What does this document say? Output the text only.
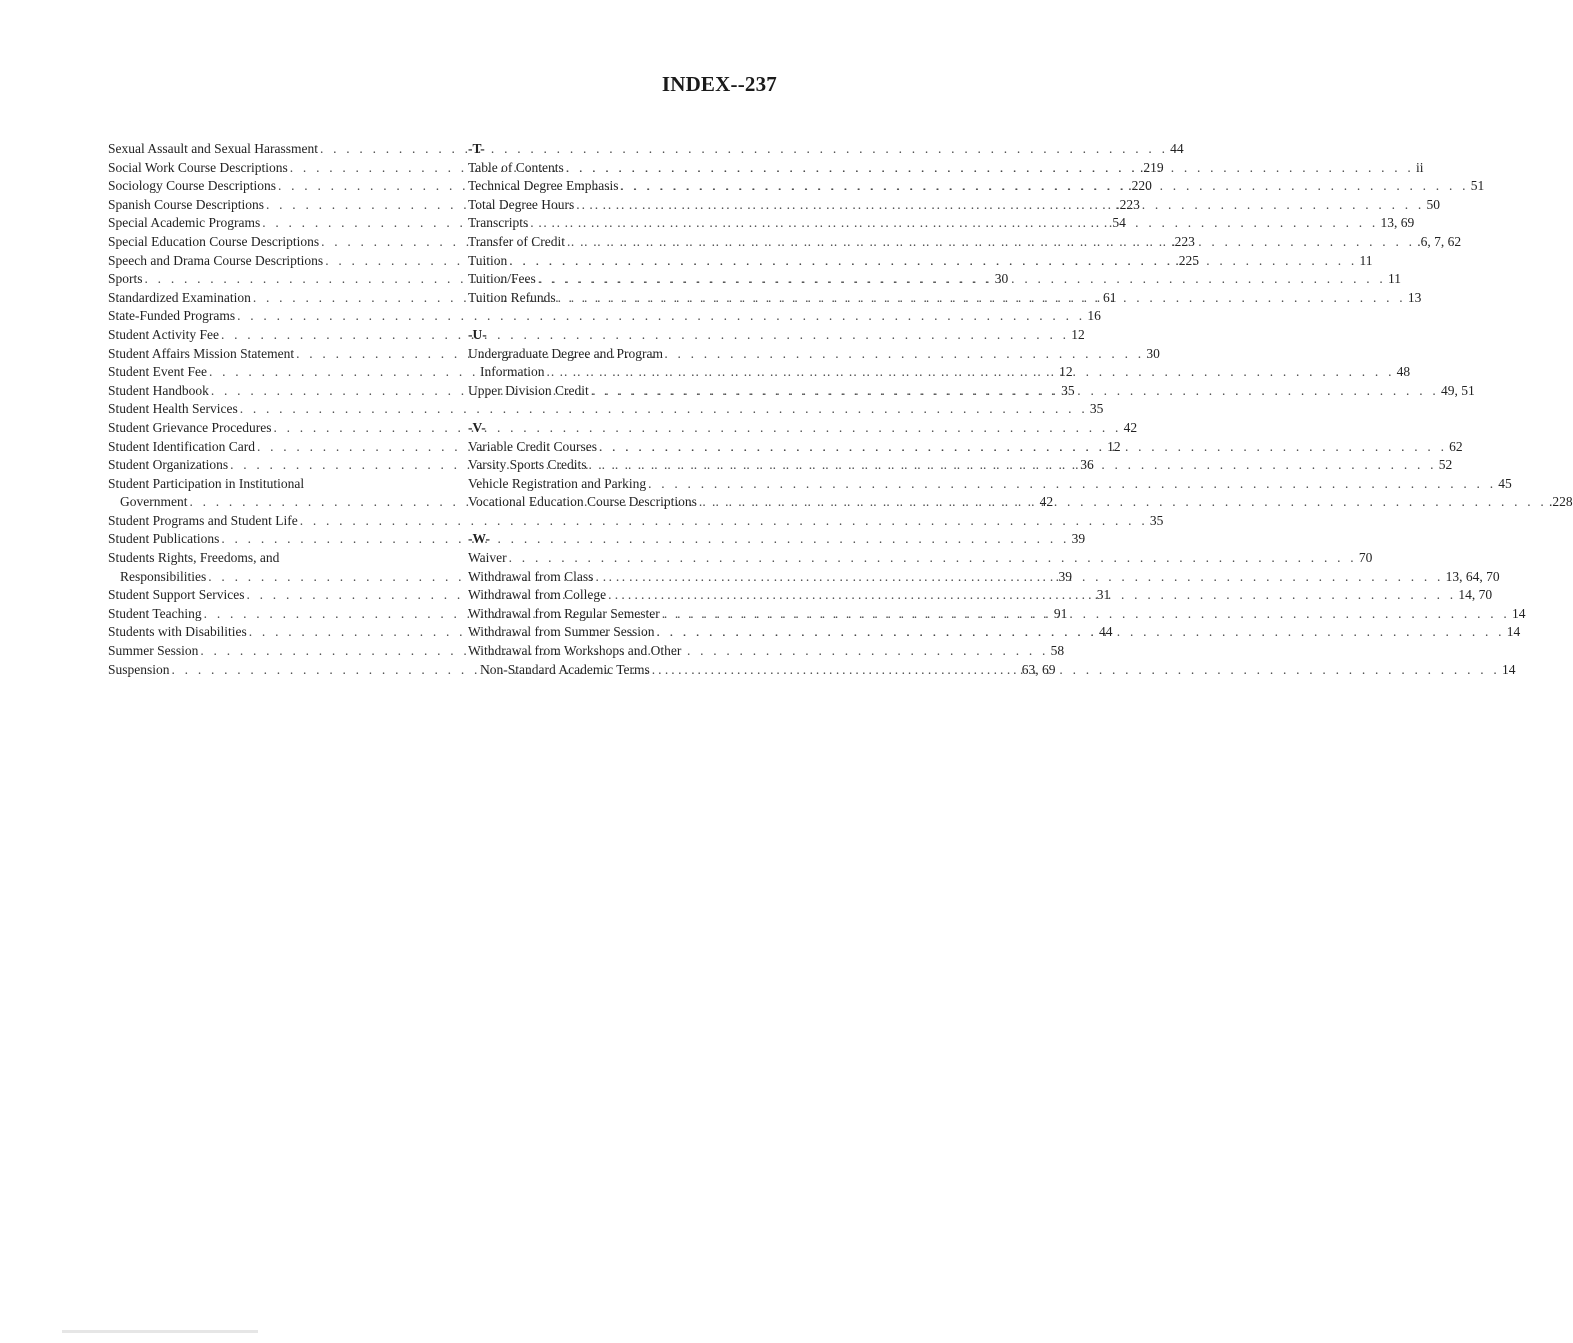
INDEX--237
Sexual Assault and Sexual Harassment . . .	44
Social Work Course Descriptions . . .	.219
Sociology Course Descriptions . . .	.220
Spanish Course Descriptions . . .	.223
Special Academic Programs . . .	54
Special Education Course Descriptions . . .	.223
Speech and Drama Course Descriptions . . .	.225
Sports . . .	30
Standardized Examination . . .	61
State-Funded Programs . . .	16
Student Activity Fee . . .	12
Student Affairs Mission Statement . . .	30
Student Event Fee . . .	12
Student Handbook . . .	35
Student Health Services . . .	35
Student Grievance Procedures . . .	42
Student Identification Card . . .	12
Student Organizations . . .	36
Student Participation in Institutional
Government . . .	42
Student Programs and Student Life . . .	35
Student Publications . . .	39
Students Rights, Freedoms, and
Responsibilities . . .	39
Student Support Services . . .	31
Student Teaching . . .	91
Students with Disabilities . . .	44
Summer Session . . .	58
Suspension . . .	63, 69
-T-
Table of Contents . . .	ii
Technical Degree Emphasis . . .	51
Total Degree Hours . . .	50
Transcripts . . .	13, 69
Transfer of Credit . . .	.6, 7, 62
Tuition . . .	11
Tuition/Fees . . .	11
Tuition Refunds . . .	13
-U-
Undergraduate Degree and Program
Information . . .	48
Upper Division Credit . . .	49, 51
-V-
Variable Credit Courses . . .	62
Varsity Sports Credits . . .	52
Vehicle Registration and Parking . . .	45
Vocational Education Course Descriptions . . .	.228
-W-
Waiver . . .	70
Withdrawal from Class . . .	13, 64, 70
Withdrawal from College . . .	14, 70
Withdrawal from Regular Semester . . .	14
Withdrawal from Summer Session . . .	14
Withdrawal from Workshops and Other
Non-Standard Academic Terms . . .	14
